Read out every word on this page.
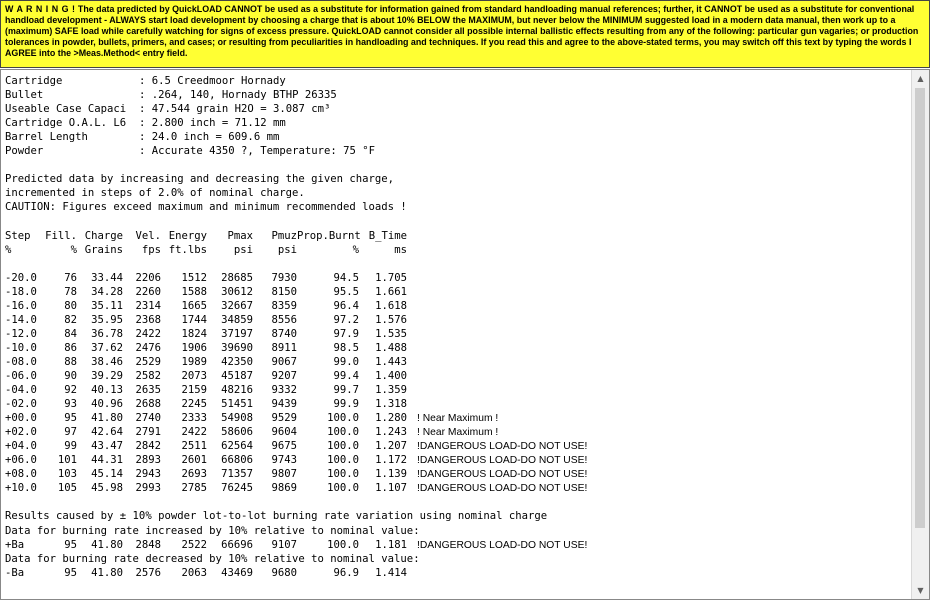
W A R N I N G ! The data predicted by QuickLOAD CANNOT be used as a substitute for information gained from standard handloading manual references; further, it CANNOT be used as a substitute for conventional handload development - ALWAYS start load development by choosing a charge that is about 10% BELOW the MAXIMUM, but never below the MINIMUM suggested load in a modern data manual, then work up to a (maximum) SAFE load while carefully watching for signs of excess pressure. QuickLOAD cannot consider all possible internal ballistic effects resulting from any of the following: particular gun vagaries; or production tolerances in powder, bullets, primers, and cases; or resulting from peculiarities in handloading and techniques. If you read this and agree to the above-stated terms, you may switch off this text by typing the words I AGREE into the >Meas.Method< entry field.
Cartridge	: 6.5 Creedmoor Hornady
Bullet	: .264, 140, Hornady BTHP 26335
Useable Case Capaci : 47.544 grain H2O = 3.087 cm³
Cartridge O.A.L. L6 : 2.800 inch = 71.12 mm
Barrel Length	: 24.0 inch = 609.6 mm
Powder	: Accurate 4350 ?, Temperature: 75 °F
Predicted data by increasing and decreasing the given charge,
incremented in steps of 2.0% of nominal charge.
CAUTION: Figures exceed maximum and minimum recommended loads !
Step Fill. Charge Vel. Energy Pmax PmuzProp.Burnt B_Time
%	% Grains fps ft.lbs	psi psi	%	ms
-20.0	76 33.44 2206 1512 28685 7930	94.5 1.705
-18.0	78 34.28 2260 1588 30612 8150	95.5 1.661
-16.0	80 35.11 2314 1665 32667 8359	96.4 1.618
-14.0	82 35.95 2368 1744 34859 8556	97.2 1.576
-12.0	84 36.78 2422 1824 37197 8740	97.9 1.535
-10.0	86 37.62 2476 1906 39690 8911	98.5 1.488
-08.0	88 38.46 2529 1989 42350 9067	99.0 1.443
-06.0	90 39.29 2582 2073 45187 9207	99.4 1.400
-04.0	92 40.13 2635 2159 48216 9332	99.7 1.359
-02.0	93 40.96 2688 2245 51451 9439	99.9 1.318
+00.0	95 41.80 2740 2333 54908 9529	100.0 1.280 ! Near Maximum !
+02.0	97 42.64 2791 2422 58606 9604	100.0 1.243 ! Near Maximum !
+04.0	99 43.47 2842 2511 62564 9675	100.0 1.207 !DANGEROUS LOAD-DO NOT USE!
+06.0 101 44.31 2893 2601 66806 9743	100.0 1.172 !DANGEROUS LOAD-DO NOT USE!
+08.0 103 45.14 2943 2693 71357 9807	100.0 1.139 !DANGEROUS LOAD-DO NOT USE!
+10.0 105 45.98 2993 2785 76245 9869	100.0 1.107 !DANGEROUS LOAD-DO NOT USE!
Results caused by ± 10% powder lot-to-lot burning rate variation using nominal charge
Data for burning rate increased by 10% relative to nominal value:
+Ba	95 41.80 2848 2522 66696 9107	100.0 1.181 !DANGEROUS LOAD-DO NOT USE!
Data for burning rate decreased by 10% relative to nominal value:
-Ba	95 41.80 2576 2063 43469 9680	96.9 1.414
▲
▼
